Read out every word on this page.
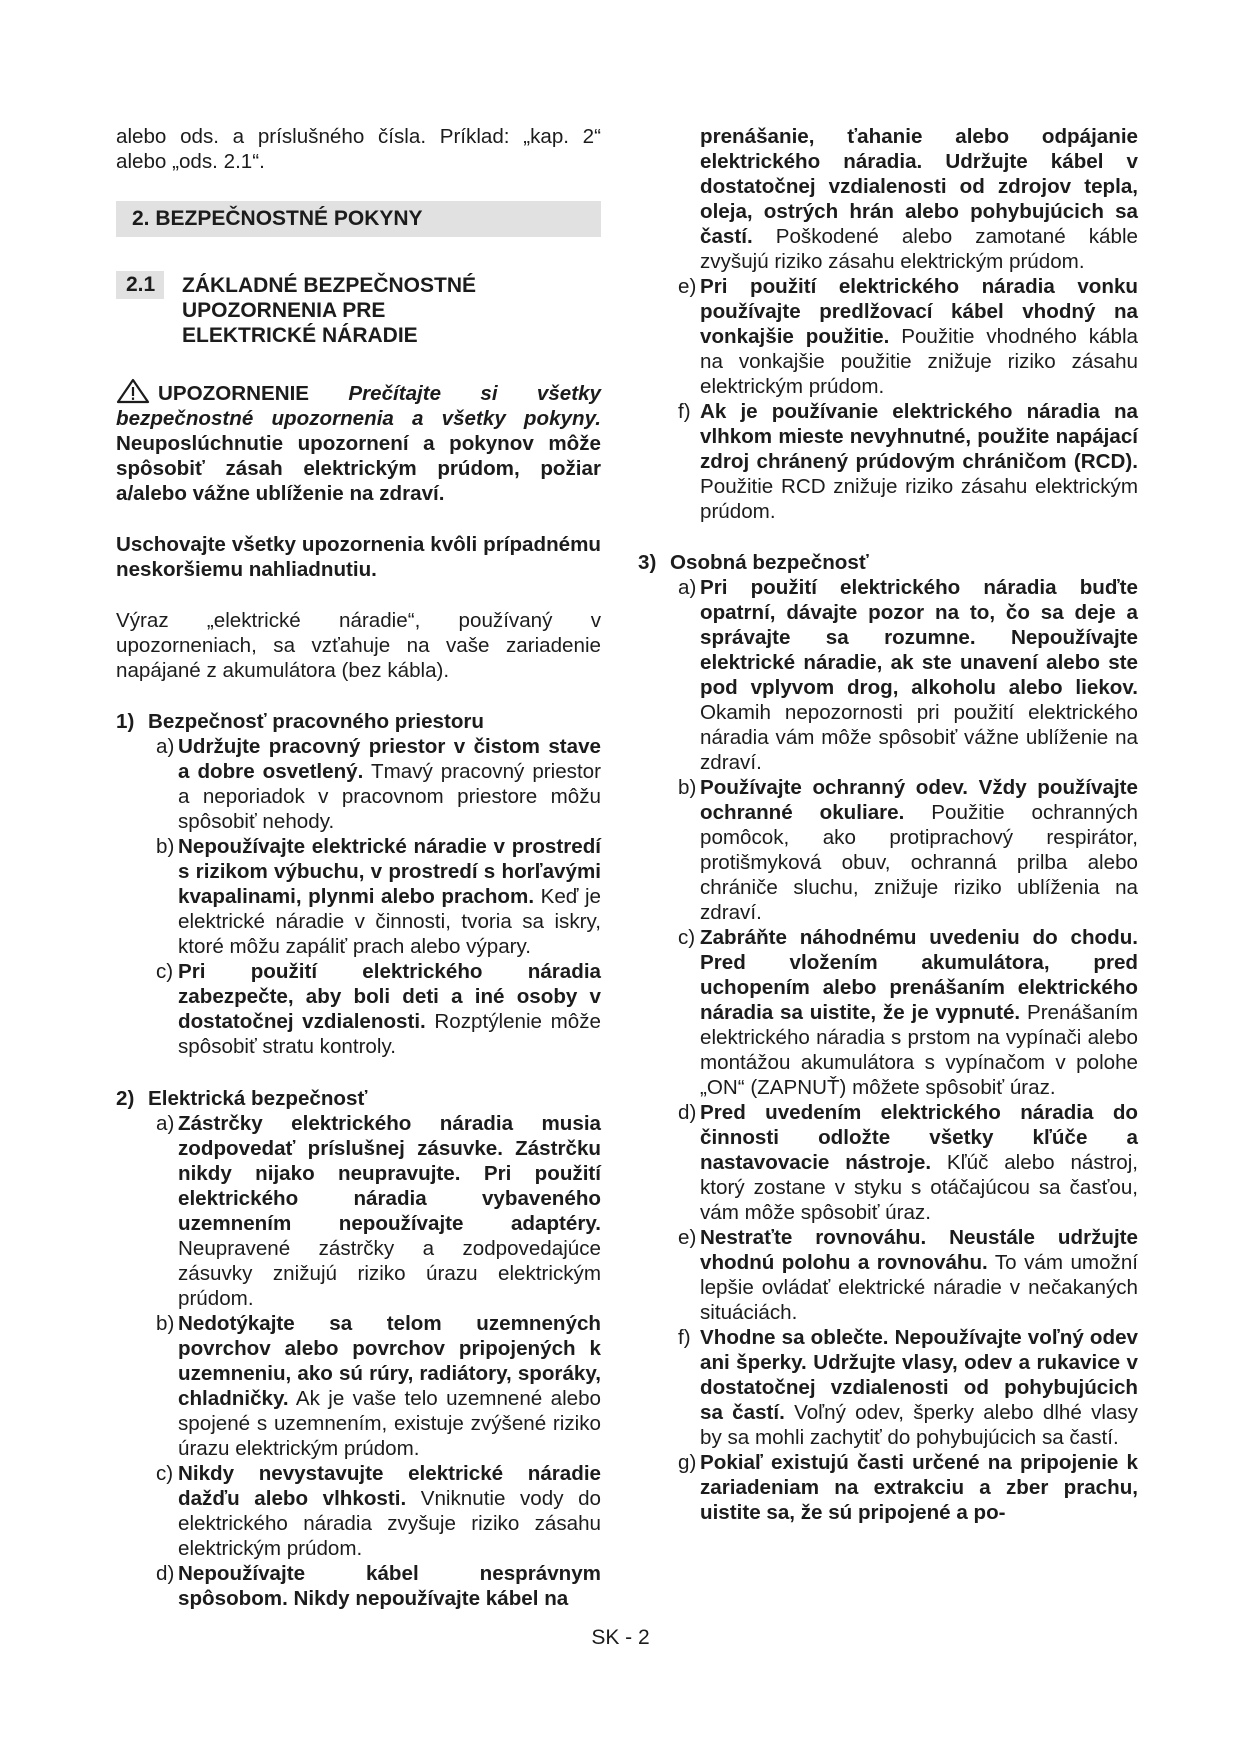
alebo ods. a príslušného čísla. Príklad: „kap. 2“ alebo „ods. 2.1“.

2. BEZPEČNOSTNÉ POKYNY
2.1	ZÁKLADNÉ BEZPEČNOSTNÉ
UPOZORNENIA PRE
ELEKTRICKÉ NÁRADIE

UPOZORNENIE Prečítajte si všetky bezpečnostné upozornenia a všetky pokyny. Neuposlúchnutie upozornení a pokynov môže spôsobiť zásah elektrickým prúdom, požiar a/alebo vážne ublíženie na zdraví.

Uschovajte všetky upozornenia kvôli prípadnému neskoršiemu nahliadnutiu.

Výraz „elektrické náradie“, používaný v upozorneniach, sa vzťahuje na vaše zariadenie napájané z akumulátora (bez kábla).

1) Bezpečnosť pracovného priestoru
a) Udržujte pracovný priestor v čistom stave a dobre osvetlený. Tmavý pracovný priestor a neporiadok v pracovnom priestore môžu spôsobiť nehody.

b) Nepoužívajte elektrické náradie v prostredí s rizikom výbuchu, v prostredí s horľavými kvapalinami, plynmi alebo prachom. Keď je elektrické náradie v činnosti, tvoria sa iskry, ktoré môžu zapáliť prach alebo výpary.

c) Pri použití elektrického náradia zabezpečte, aby boli deti a iné osoby v dostatočnej vzdialenosti. Rozptýlenie môže spôsobiť stratu kontroly.

2) Elektrická bezpečnosť
a) Zástrčky elektrického náradia musia zodpovedať príslušnej zásuvke. Zástrčku nikdy nijako neupravujte. Pri použití elektrického náradia vybaveného uzemnením nepoužívajte adaptéry. Neupravené zástrčky a zodpovedajúce zásuvky znižujú riziko úrazu elektrickým prúdom.

b) Nedotýkajte sa telom uzemnených povrchov alebo povrchov pripojených k uzemneniu, ako sú rúry, radiátory, sporáky, chladničky. Ak je vaše telo uzemnené alebo spojené s uzemnením, existuje zvýšené riziko úrazu elektrickým prúdom.

c) Nikdy nevystavujte elektrické náradie dažďu alebo vlhkosti. Vniknutie vody do elektrického náradia zvyšuje riziko zásahu elektrickým prúdom.

d) Nepoužívajte kábel nesprávnym spôsobom. Nikdy nepoužívajte kábel na

prenášanie, ťahanie alebo odpájanie elektrického náradia. Udržujte kábel v dostatočnej vzdialenosti od zdrojov tepla, oleja, ostrých hrán alebo pohybujúcich sa častí. Poškodené alebo zamotané káble zvyšujú riziko zásahu elektrickým prúdom.

e) Pri použití elektrického náradia vonku používajte predlžovací kábel vhodný na vonkajšie použitie. Použitie vhodného kábla na vonkajšie použitie znižuje riziko zásahu elektrickým prúdom.

f) Ak je používanie elektrického náradia na vlhkom mieste nevyhnutné, použite napájací zdroj chránený prúdovým chráničom (RCD). Použitie RCD znižuje riziko zásahu elektrickým prúdom.

3) Osobná bezpečnosť
a) Pri použití elektrického náradia buďte opatrní, dávajte pozor na to, čo sa deje a správajte sa rozumne. Nepoužívajte elektrické náradie, ak ste unavení alebo ste pod vplyvom drog, alkoholu alebo liekov. Okamih nepozornosti pri použití elektrického náradia vám môže spôsobiť vážne ublíženie na zdraví.

b) Používajte ochranný odev. Vždy používajte ochranné okuliare. Použitie ochranných pomôcok, ako protiprachový respirátor, protišmyková obuv, ochranná prilba alebo chrániče sluchu, znižuje riziko ublíženia na zdraví.

c) Zabráňte náhodnému uvedeniu do chodu. Pred vložením akumulátora, pred uchopením alebo prenášaním elektrického náradia sa uistite, že je vypnuté. Prenášaním elektrického náradia s prstom na vypínači alebo montážou akumulátora s vypínačom v polohe „ON“ (ZAPNUŤ) môžete spôsobiť úraz.

d) Pred uvedením elektrického náradia do činnosti odložte všetky kľúče a nastavovacie nástroje. Kľúč alebo nástroj, ktorý zostane v styku s otáčajúcou sa časťou, vám môže spôsobiť úraz.

e) Nestraťte rovnováhu. Neustále udržujte vhodnú polohu a rovnováhu. To vám umožní lepšie ovládať elektrické náradie v nečakaných situáciách.

f) Vhodne sa oblečte. Nepoužívajte voľný odev ani šperky. Udržujte vlasy, odev a rukavice v dostatočnej vzdialenosti od pohybujúcich sa častí. Voľný odev, šperky alebo dlhé vlasy by sa mohli zachytiť do pohybujúcich sa častí.

g) Pokiaľ existujú časti určené na pripojenie k zariadeniam na extrakciu a zber prachu, uistite sa, že sú pripojené a po-

SK - 2
